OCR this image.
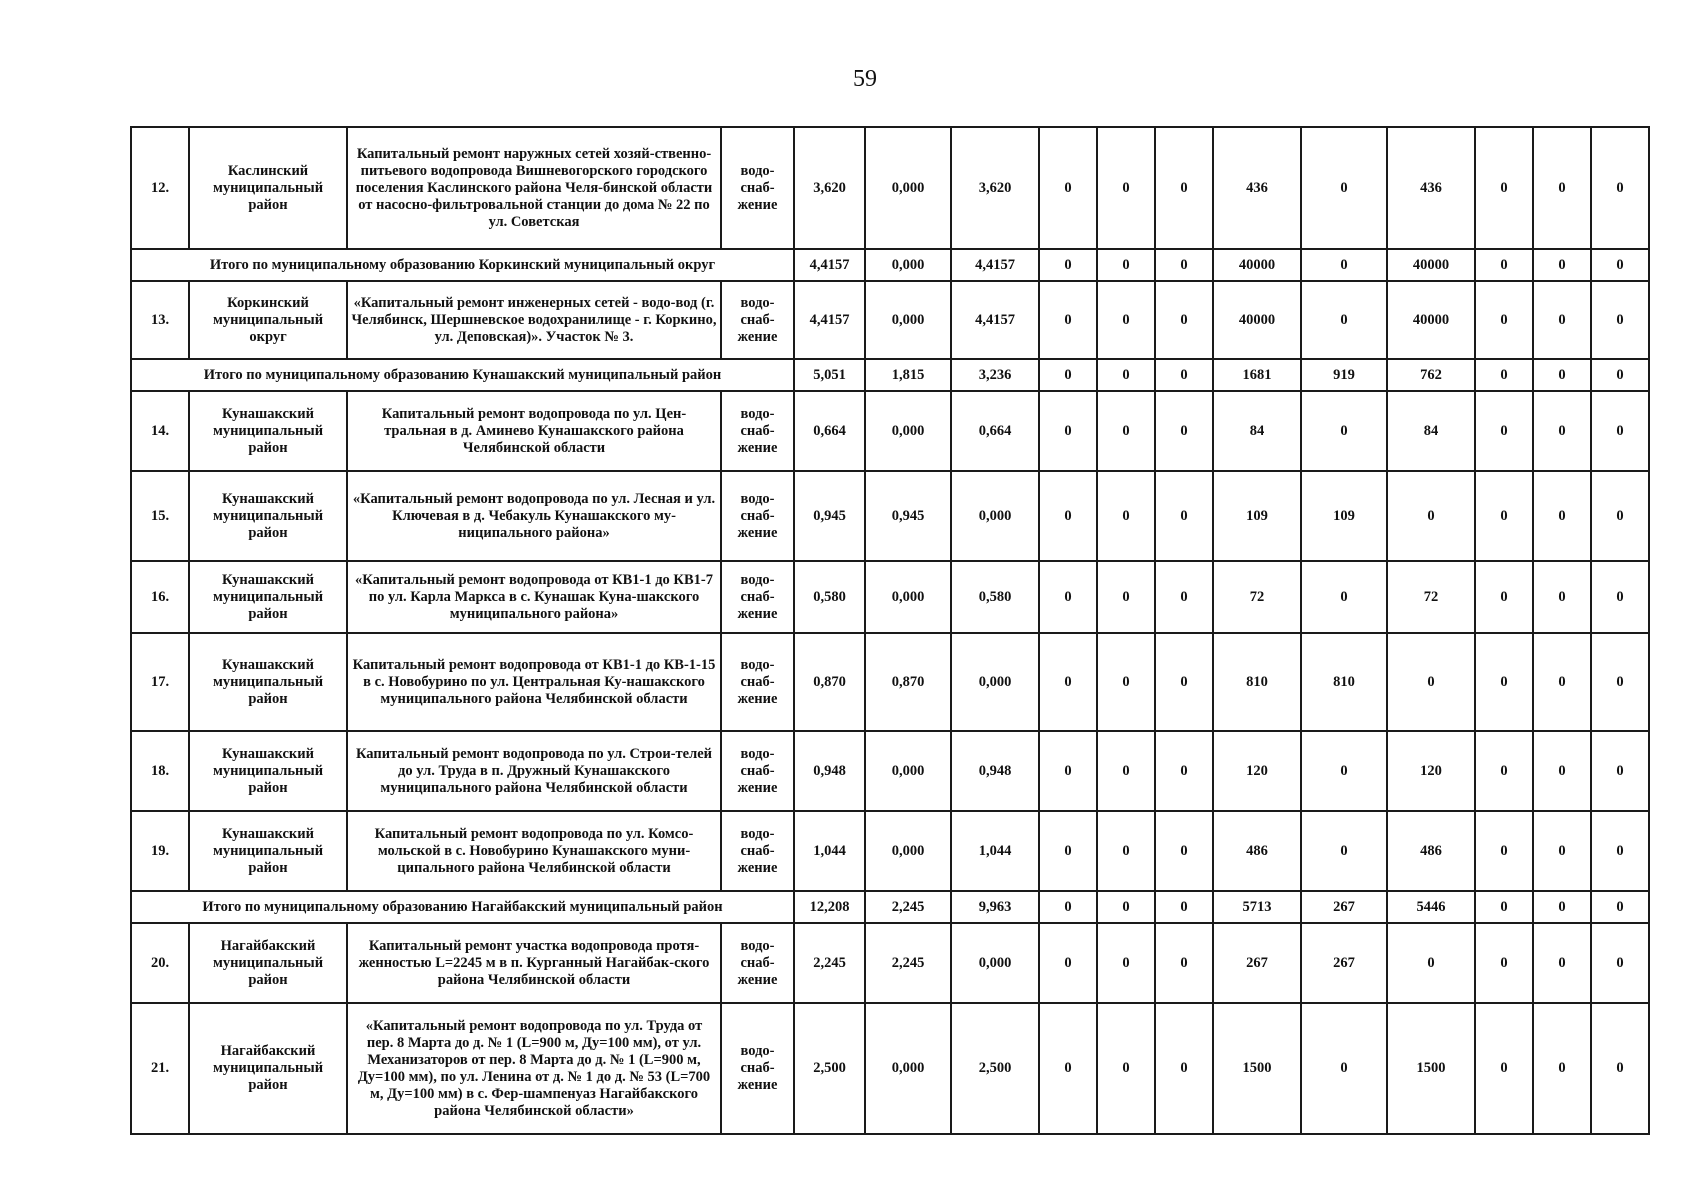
59
12.	Каслинский муниципальный район	Капитальный ремонт наружных сетей хозяй-ственно-питьевого водопровода Вишневогорского городского поселения Каслинского района Челя-бинской области от насосно-фильтровальной станции до дома № 22 по ул. Советская	водо-снаб-жение	3,620	0,000	3,620	0	0	0	436	0	436	0	0	0
Итого по муниципальному образованию Коркинский муниципальный округ				4,4157	0,000	4,4157	0	0	0	40000	0	40000	0	0	0
13.	Коркинский муниципальный округ	«Капитальный ремонт инженерных сетей - водо-вод (г. Челябинск, Шершневское водохранилище - г. Коркино, ул. Деповская)». Участок № 3.	водо-снаб-жение	4,4157	0,000	4,4157	0	0	0	40000	0	40000	0	0	0
Итого по муниципальному образованию Кунашакский муниципальный район				5,051	1,815	3,236	0	0	0	1681	919	762	0	0	0
14.	Кунашакский муниципальный район	Капитальный ремонт водопровода по ул. Цен-тральная в д. Аминево Кунашакского района Челябинской области	водо-снаб-жение	0,664	0,000	0,664	0	0	0	84	0	84	0	0	0
15.	Кунашакский муниципальный район	«Капитальный ремонт водопровода по ул. Лесная и ул. Ключевая в д. Чебакуль Кунашакского му-ниципального района»	водо-снаб-жение	0,945	0,945	0,000	0	0	0	109	109	0	0	0	0
16.	Кунашакский муниципальный район	«Капитальный ремонт водопровода от КВ1-1 до КВ1-7 по ул. Карла Маркса в с. Кунашак Куна-шакского муниципального района»	водо-снаб-жение	0,580	0,000	0,580	0	0	0	72	0	72	0	0	0
17.	Кунашакский муниципальный район	Капитальный ремонт водопровода от КВ1-1 до КВ-1-15 в с. Новобурино по ул. Центральная Ку-нашакского муниципального района Челябинской области	водо-снаб-жение	0,870	0,870	0,000	0	0	0	810	810	0	0	0	0
18.	Кунашакский муниципальный район	Капитальный ремонт водопровода по ул. Строи-телей до ул. Труда в п. Дружный Кунашакского муниципального района Челябинской области	водо-снаб-жение	0,948	0,000	0,948	0	0	0	120	0	120	0	0	0
19.	Кунашакский муниципальный район	Капитальный ремонт водопровода по ул. Комсо-мольской в с. Новобурино Кунашакского муни-ципального района Челябинской области	водо-снаб-жение	1,044	0,000	1,044	0	0	0	486	0	486	0	0	0
Итого по муниципальному образованию Нагайбакский муниципальный район				12,208	2,245	9,963	0	0	0	5713	267	5446	0	0	0
20.	Нагайбакский муниципальный район	Капитальный ремонт участка водопровода протя-женностью L=2245 м в п. Курганный Нагайбак-ского района Челябинской области	водо-снаб-жение	2,245	2,245	0,000	0	0	0	267	267	0	0	0	0
21.	Нагайбакский муниципальный район	«Капитальный ремонт водопровода по ул. Труда от пер. 8 Марта до д. № 1 (L=900 м, Ду=100 мм), от ул. Механизаторов от пер. 8 Марта до д. № 1 (L=900 м, Ду=100 мм), по ул. Ленина от д. № 1 до д. № 53 (L=700 м, Ду=100 мм) в с. Фер-шампенуаз Нагайбакского района Челябинской области»	водо-снаб-жение	2,500	0,000	2,500	0	0	0	1500	0	1500	0	0	0
